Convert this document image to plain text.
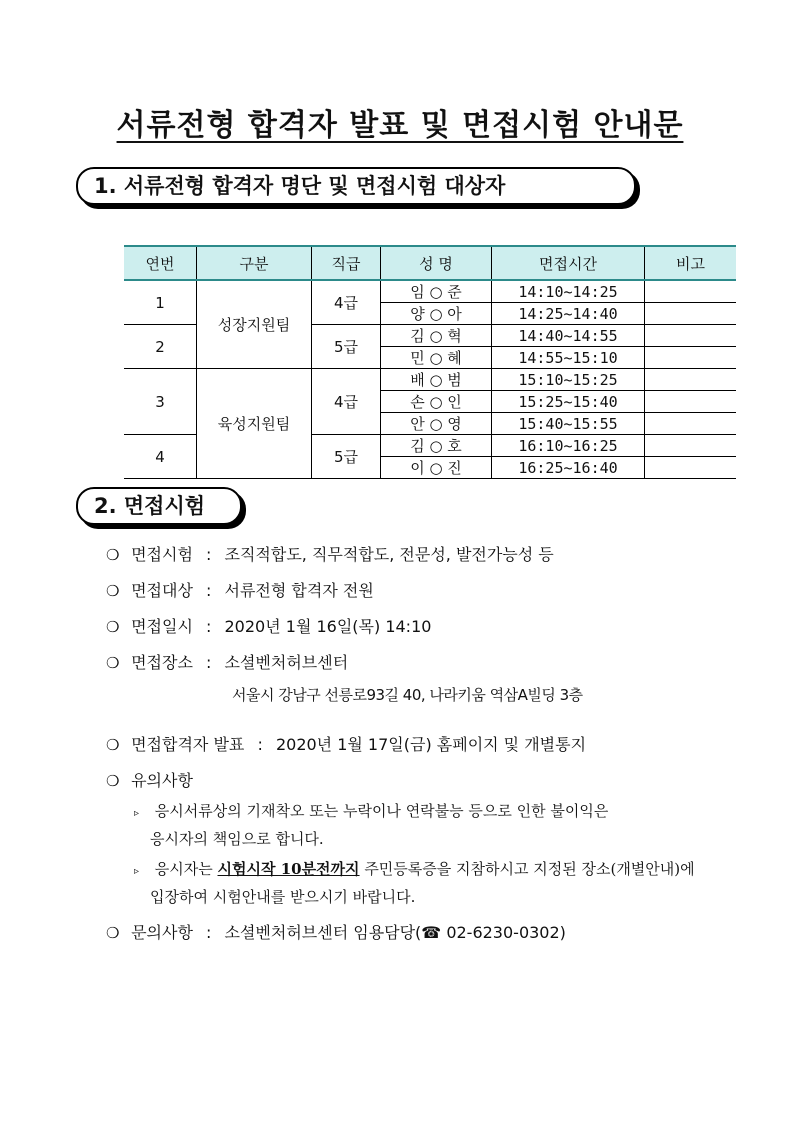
서류전형 합격자 발표 및 면접시험 안내문
1. 서류전형 합격자 명단 및 면접시험 대상자
연번	구분	직급	성 명	면접시간	비고
1	성장지원팀	4급	임 ○ 준	14:10~14:25	
			양 ○ 아	14:25~14:40	
2		5급	김 ○ 혁	14:40~14:55	
			민 ○ 혜	14:55~15:10	
3	육성지원팀	4급	배 ○ 범	15:10~15:25	
			손 ○ 인	15:25~15:40	
			안 ○ 영	15:40~15:55	
4		5급	김 ○ 호	16:10~16:25	
			이 ○ 진	16:25~16:40	
2. 면접시험
❍ 면접시험 : 조직적합도, 직무적합도, 전문성, 발전가능성 등
❍ 면접대상 : 서류전형 합격자 전원
❍ 면접일시 : 2020년 1월 16일(목) 14:10
❍ 면접장소 : 소셜벤처허브센터
서울시 강남구 선릉로93길 40, 나라키움 역삼A빌딩 3층
❍ 면접합격자 발표 : 2020년 1월 17일(금) 홈페이지 및 개별통지
❍ 유의사항
▹ 응시서류상의 기재착오 또는 누락이나 연락불능 등으로 인한 불이익은
응시자의 책임으로 합니다.
▹ 응시자는 시험시작 10분전까지 주민등록증을 지참하시고 지정된 장소(개별안내)에
입장하여 시험안내를 받으시기 바랍니다.
❍ 문의사항 : 소셜벤처허브센터 임용담당(☎ 02-6230-0302)
